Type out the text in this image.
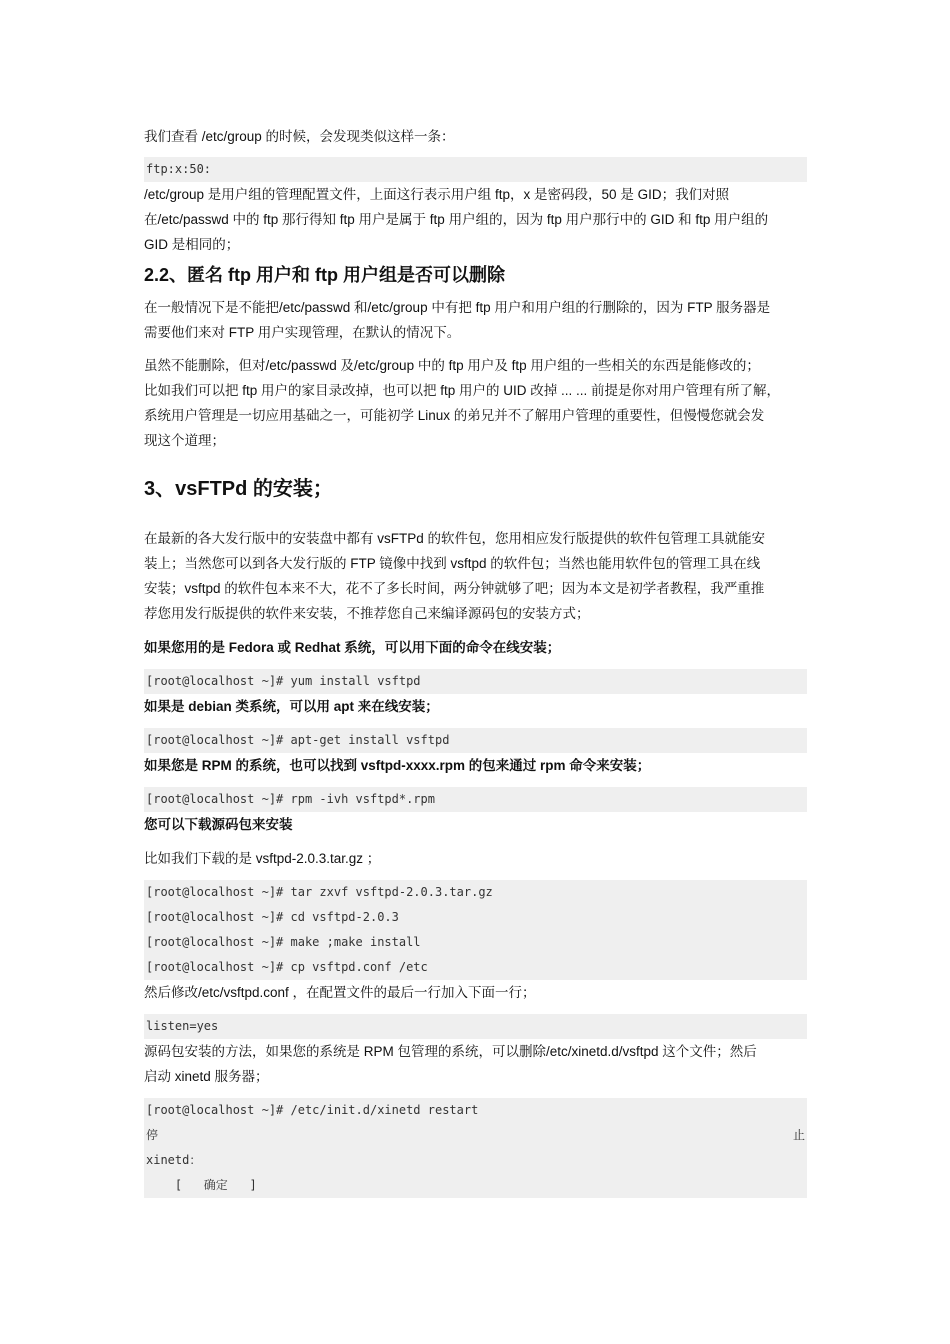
我们查看 /etc/group 的时候，会发现类似这样一条：

ftp:x:50:

/etc/group 是用户组的管理配置文件，上面这行表示用户组 ftp，x 是密码段，50 是 GID；我们对照

在/etc/passwd 中的 ftp 那行得知 ftp 用户是属于 ftp 用户组的，因为 ftp 用户那行中的 GID 和 ftp 用户组的

GID 是相同的；

2.2、匿名 ftp 用户和 ftp 用户组是否可以删除

在一般情况下是不能把/etc/passwd 和/etc/group 中有把 ftp 用户和用户组的行删除的，因为 FTP 服务器是

需要他们来对 FTP 用户实现管理，在默认的情况下。

虽然不能删除，但对/etc/passwd 及/etc/group 中的 ftp 用户及 ftp 用户组的一些相关的东西是能修改的；

比如我们可以把 ftp 用户的家目录改掉，也可以把 ftp 用户的 UID 改掉 ... ... 前提是你对用户管理有所了解，

系统用户管理是一切应用基础之一，可能初学 Linux 的弟兄并不了解用户管理的重要性，但慢慢您就会发

现这个道理；

3、vsFTPd 的安装；

在最新的各大发行版中的安装盘中都有 vsFTPd 的软件包，您用相应发行版提供的软件包管理工具就能安

装上；当然您可以到各大发行版的 FTP 镜像中找到 vsftpd 的软件包；当然也能用软件包的管理工具在线

安装；vsftpd 的软件包本来不大，花不了多长时间，两分钟就够了吧；因为本文是初学者教程，我严重推

荐您用发行版提供的软件来安装，不推荐您自己来编译源码包的安装方式；

如果您用的是 Fedora 或 Redhat 系统，可以用下面的命令在线安装；

[root@localhost ~]# yum install vsftpd

如果是 debian 类系统，可以用 apt 来在线安装；

[root@localhost ~]# apt-get install vsftpd

如果您是 RPM 的系统，也可以找到 vsftpd-xxxx.rpm 的包来通过 rpm 命令来安装；

[root@localhost ~]# rpm -ivh vsftpd*.rpm

您可以下载源码包来安装

比如我们下载的是 vsftpd-2.0.3.tar.gz ；

[root@localhost ~]# tar zxvf vsftpd-2.0.3.tar.gz
[root@localhost ~]# cd vsftpd-2.0.3
[root@localhost ~]# make ;make install
[root@localhost ~]# cp vsftpd.conf /etc

然后修改/etc/vsftpd.conf ，在配置文件的最后一行加入下面一行；

listen=yes

源码包安装的方法，如果您的系统是 RPM 包管理的系统，可以删除/etc/xinetd.d/vsftpd 这个文件；然后

启动 xinetd 服务器；

[root@localhost ~]# /etc/init.d/xinetd restart
停	止
xinetd：
[   确定   ]
